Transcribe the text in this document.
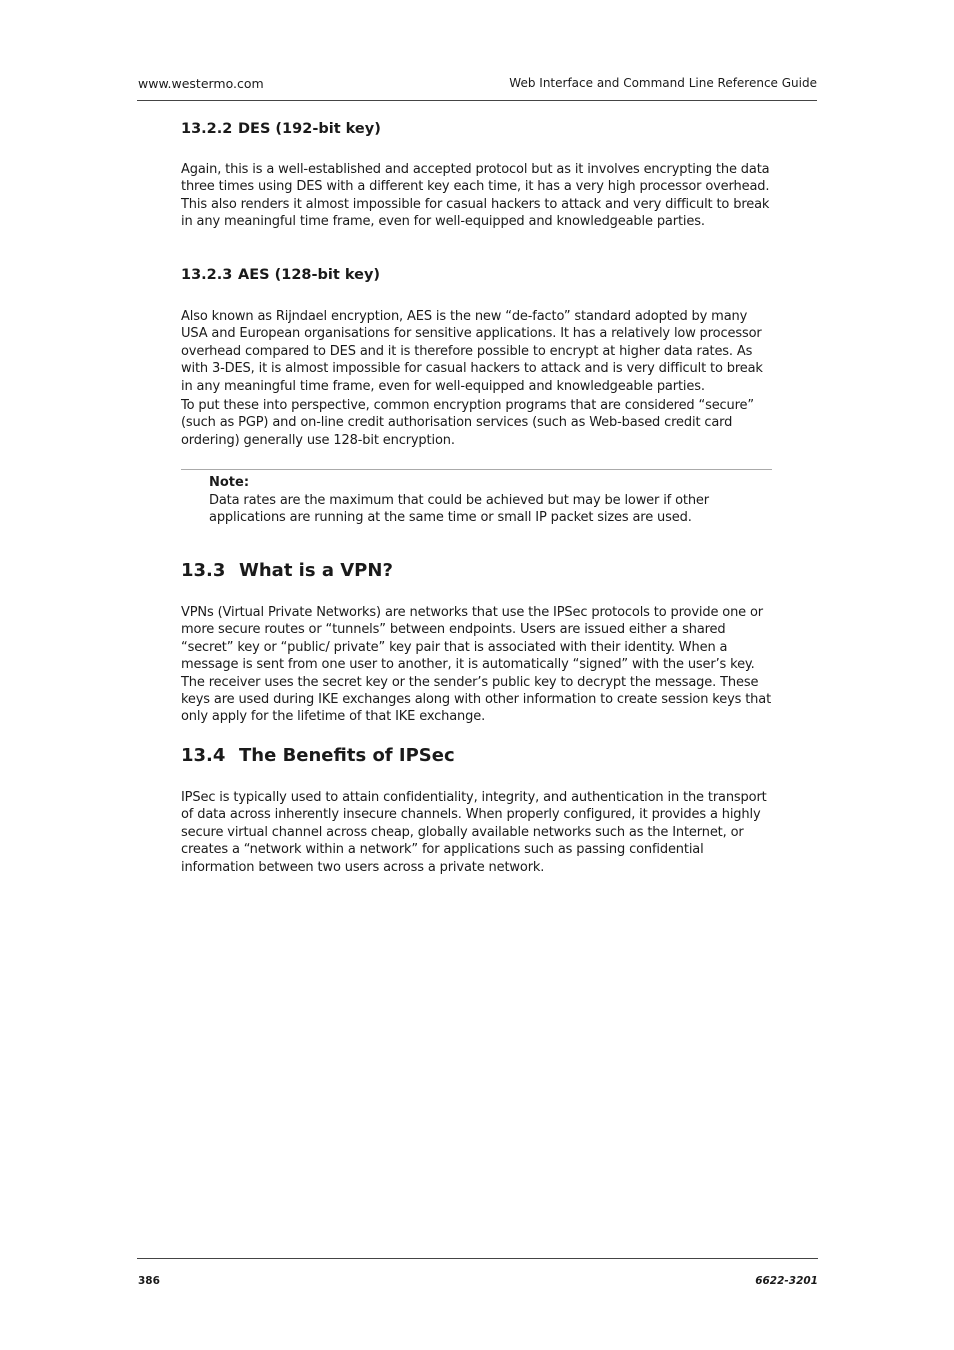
www.westermo.com	Web Interface and Command Line Reference Guide
13.2.2 DES (192-bit key)

Again, this is a well-established and accepted protocol but as it involves encrypting the data three times using DES with a different key each time, it has a very high processor overhead. This also renders it almost impossible for casual hackers to attack and very difficult to break in any meaningful time frame, even for well-equipped and knowledgeable parties.

13.2.3 AES (128-bit key)

Also known as Rijndael encryption, AES is the new “de-facto” standard adopted by many USA and European organisations for sensitive applications. It has a relatively low processor overhead compared to DES and it is therefore possible to encrypt at higher data rates. As with 3-DES, it is almost impossible for casual hackers to attack and is very difficult to break in any meaningful time frame, even for well-equipped and knowledgeable parties.

To put these into perspective, common encryption programs that are considered “secure” (such as PGP) and on-line credit authorisation services (such as Web-based credit card ordering) generally use 128-bit encryption.

Note:

Data rates are the maximum that could be achieved but may be lower if other applications are running at the same time or small IP packet sizes are used.

13.3 What is a VPN?

VPNs (Virtual Private Networks) are networks that use the IPSec protocols to provide one or more secure routes or “tunnels” between endpoints. Users are issued either a shared “secret” key or “public/ private” key pair that is associated with their identity. When a message is sent from one user to another, it is automatically “signed” with the user’s key. The receiver uses the secret key or the sender’s public key to decrypt the message. These keys are used during IKE exchanges along with other information to create session keys that only apply for the lifetime of that IKE exchange.

13.4 The Benefits of IPSec

IPSec is typically used to attain confidentiality, integrity, and authentication in the transport of data across inherently insecure channels. When properly configured, it provides a highly secure virtual channel across cheap, globally available networks such as the Internet, or creates a “network within a network” for applications such as passing confidential information between two users across a private network.

386	6622-3201
